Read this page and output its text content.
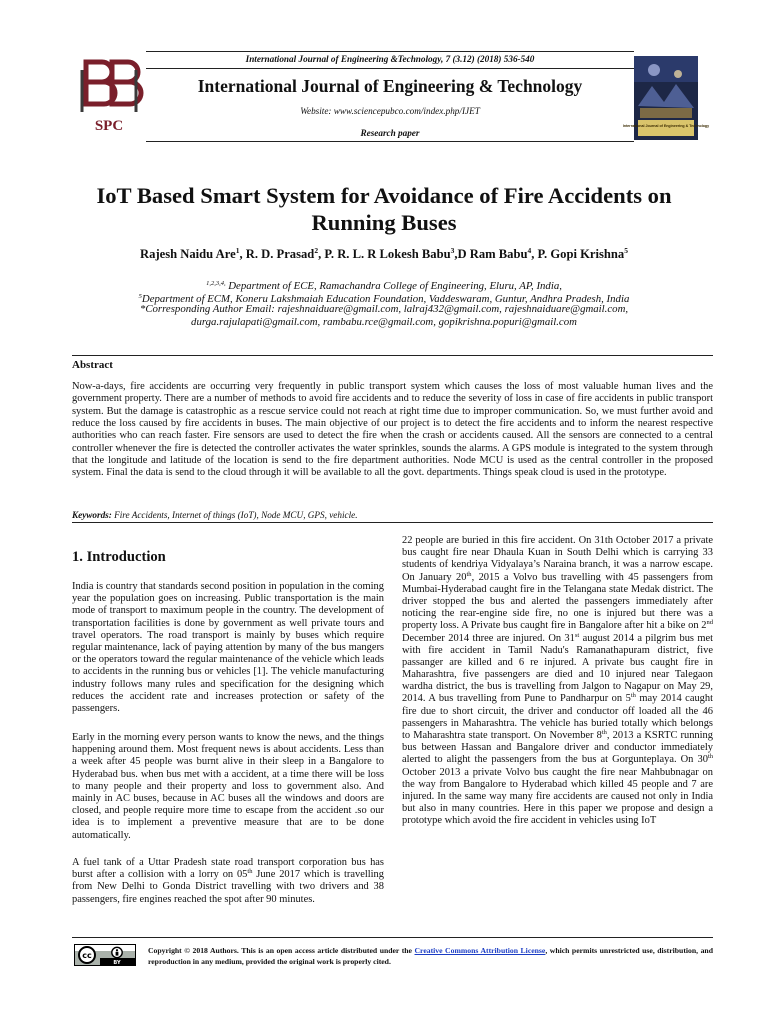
SPC
International Journal of Engineering &Technology, 7 (3.12) (2018) 536-540
International Journal of Engineering & Technology
Website: www.sciencepubco.com/index.php/IJET
Research paper
International Journal of Engineering & Technology
IoT Based Smart System for Avoidance of Fire Accidents on
Running Buses
Rajesh Naidu Are$^1$, R. D. Prasad$^2$, P. R. L. R Lokesh Babu$^3$,D Ram Babu$^4$, P. Gopi Krishna$^5$
$^{1,2,3,4,}$ Department of ECE, Ramachandra College of Engineering, Eluru, AP, India,
$^5$Department of ECM, Koneru Lakshmaiah Education Foundation, Vaddeswaram, Guntur, Andhra Pradesh, India
*Corresponding Author Email: rajeshnaiduare@gmail.com, lalraj432@gmail.com, rajeshnaiduare@gmail.com,
durga.rajulapati@gmail.com, rambabu.rce@gmail.com, gopikrishna.popuri@gmail.com
Abstract

Now-a-days, fire accidents are occurring very frequently in public transport system which causes the loss of most valuable human lives and the government property. There are a number of methods to avoid fire accidents and to reduce the severity of loss in case of fire accidents in public transport system. But the damage is catastrophic as a rescue service could not reach at right time due to improper communication. So, we must further avoid and reduce the loss caused by fire accidents in buses. The main objective of our project is to detect the fire accidents and to inform the nearest respective authorities who can reach faster. Fire sensors are used to detect the fire when the crash or accidents caused. All the sensors are connected to a central controller whenever the fire is detected the controller activates the water sprinkles, sounds the alarms. A GPS module is integrated to the system through that the longitude and latitude of the location is send to the fire department authorities. Node MCU is used as the central controller in the proposed system. Final the data is send to the cloud through it will be available to all the govt. departments. Things speak cloud is used in the prototype.

Keywords: Fire Accidents, Internet of things (IoT), Node MCU, GPS, vehicle.
1. Introduction

India is country that standards second position in population in the coming year the population goes on increasing. Public transportation is the main mode of transport to maximum people in the country. The development of transportation facilities is done by government as well private tours and travel operators. The road transport is mainly by buses which require regular maintenance, lack of paying attention by many of the bus mangers or the operators toward the regular maintenance of the vehicle which leads to accidents in the running bus or vehicles [1]. The vehicle manufacturing industry follows many rules and specification for the designing which reduces the accident rate and increases protection or safety of the passengers.

Early in the morning every person wants to know the news, and the things happening around them. Most frequent news is about accidents. Less than a week after 45 people was burnt alive in their sleep in a Bangalore to Hyderabad bus. when bus met with a accident, at a time there will be loss to many people and their property and loss to government also. And mainly in AC buses, because in AC buses all the windows and doors are closed, and people require more time to escape from the accident .so our idea is to implement a preventive measure that are to be done automatically.

A fuel tank of a Uttar Pradesh state road transport corporation bus has burst after a collision with a lorry on 05th June 2017 which is travelling from New Delhi to Gonda District travelling with two drivers and 38 passengers, fire engines reached the spot after 90 minutes.

22 people are buried in this fire accident. On 31th October 2017 a private bus caught fire near Dhaula Kuan in South Delhi which is carrying 33 students of kendriya Vidyalaya’s Naraina branch, it was a narrow escape. On January 20th, 2015 a Volvo bus travelling with 45 passengers from Mumbai-Hyderabad caught fire in the Telangana state Medak district. The driver stopped the bus and alerted the passengers immediately after noticing the rear-engine side fire, no one is injured but there was a property loss. A Private bus caught fire in Bangalore after hit a bike on 2nd December 2014 three are injured. On 31st august 2014 a pilgrim bus met with fire accident in Tamil Nadu's Ramanathapuram district, five passanger are killed and 6 re injured. A private bus caught fire in Maharashtra, five passengers are died and 10 injured near Talegaon wardha district, the bus is travelling from Jalgon to Nagapur on May 29, 2014. A bus travelling from Pune to Pandharpur on 5th may 2014 caught fire due to short circuit, the driver and conductor off loaded all the 46 passengers in Maharashtra. The vehicle has buried totally which belongs to Maharashtra state transport. On November 8th, 2013 a KSRTC running bus between Hassan and Bangalore driver and conductor immediately alerted to alight the passengers from the bus at Gorgunteplaya. On 30th October 2013 a private Volvo bus caught the fire near Mahbubnagar on the way from Bangalore to Hyderabad which killed 45 people and 7 are injured. In the same way many fire accidents are caused not only in India but also in many countries. Here in this paper we propose and design a prototype which avoid the fire accident in vehicles using IoT

cc
BY

Copyright © 2018 Authors. This is an open access article distributed under the Creative Commons Attribution License, which permits unrestricted use, distribution, and reproduction in any medium, provided the original work is properly cited.
